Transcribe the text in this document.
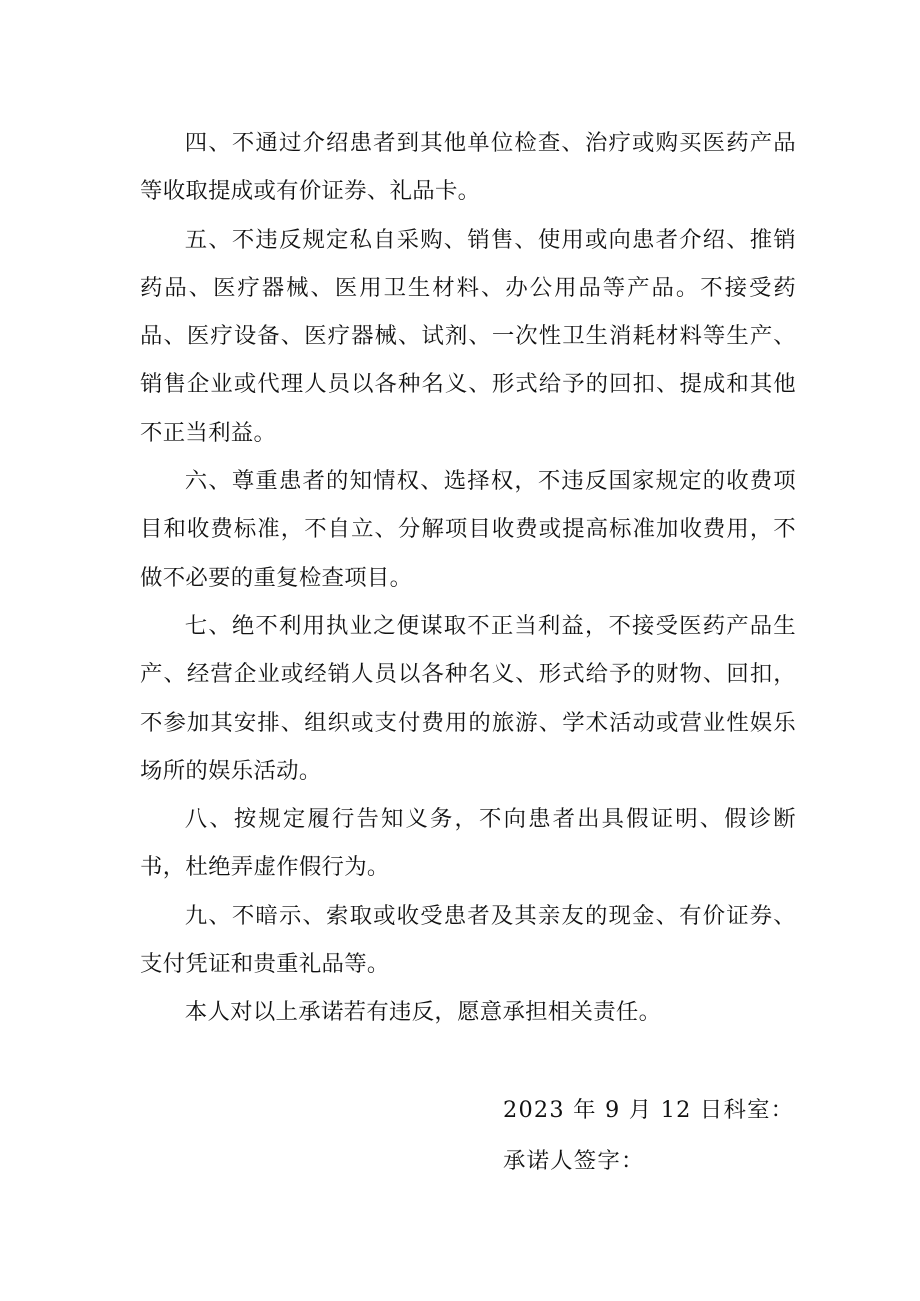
四、不通过介绍患者到其他单位检查、治疗或购买医药产品等收取提成或有价证券、礼品卡。

五、不违反规定私自采购、销售、使用或向患者介绍、推销药品、医疗器械、医用卫生材料、办公用品等产品。不接受药品、医疗设备、医疗器械、试剂、一次性卫生消耗材料等生产、销售企业或代理人员以各种名义、形式给予的回扣、提成和其他不正当利益。

六、尊重患者的知情权、选择权，不违反国家规定的收费项目和收费标准，不自立、分解项目收费或提高标准加收费用，不做不必要的重复检查项目。

七、绝不利用执业之便谋取不正当利益，不接受医药产品生产、经营企业或经销人员以各种名义、形式给予的财物、回扣，不参加其安排、组织或支付费用的旅游、学术活动或营业性娱乐场所的娱乐活动。

八、按规定履行告知义务，不向患者出具假证明、假诊断书，杜绝弄虚作假行为。

九、不暗示、索取或收受患者及其亲友的现金、有价证券、支付凭证和贵重礼品等。

本人对以上承诺若有违反，愿意承担相关责任。

2023 年 9 月 12 日科室：
承诺人签字：
